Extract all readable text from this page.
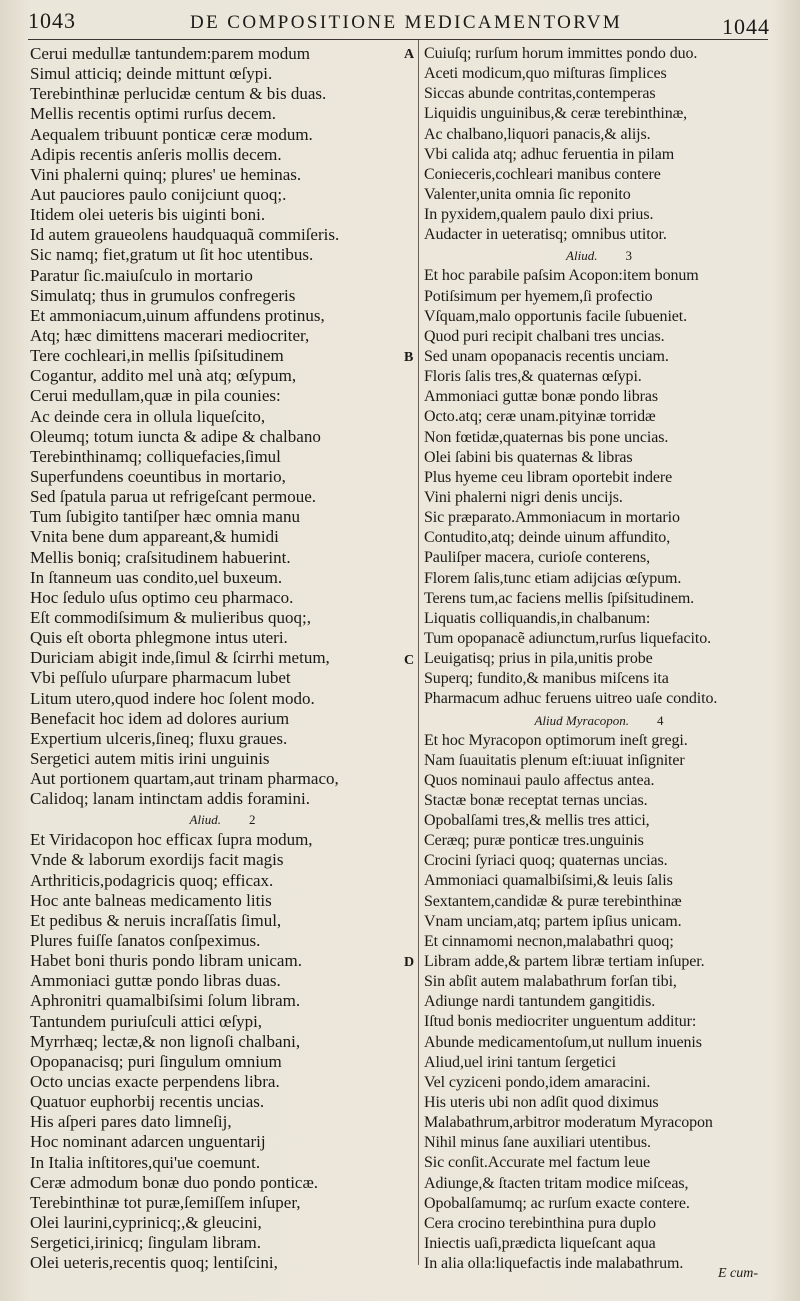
1043	DE COMPOSITIONE MEDICAMENTORVM	1044
Cerui medullæ tantundem:parem modum
Simul atticiq; deinde mittunt œſypi.
Terebinthinæ perlucidæ centum & bis duas.
Mellis recentis optimi rurſus decem.
Aequalem tribuunt ponticæ ceræ modum.
Adipis recentis anſeris mollis decem.
Vini phalerni quinq; plures' ue heminas.
Aut pauciores paulo conijciunt quoq;.
Itidem olei ueteris bis uiginti boni.
Id autem graueolens haudquaquã commiſeris.
Sic namq; fiet,gratum ut ſit hoc utentibus.
Paratur ſic.maiuſculo in mortario
Simulatq; thus in grumulos confregeris
Et ammoniacum,uinum affundens protinus,
Atq; hæc dimittens macerari mediocriter,
Tere cochleari,in mellis ſpiſsitudinem
Cogantur, addito mel unà atq; œſypum,
Cerui medullam,quæ in pila counies:
Ac deinde cera in ollula liqueſcito,
Oleumq; totum iuncta & adipe & chalbano
Terebinthinamq; colliquefacies,ſimul
Superfundens coeuntibus in mortario,
Sed ſpatula parua ut refrigeſcant permoue.
Tum ſubigito tantiſper hæc omnia manu
Vnita bene dum appareant,& humidi
Mellis boniq; craſsitudinem habuerint.
In ſtanneum uas condito,uel buxeum.
Hoc ſedulo uſus optimo ceu pharmaco.
Eſt commodiſsimum & mulieribus quoq;,
Quis eſt oborta phlegmone intus uteri.
Duriciam abigit inde,ſimul & ſcirrhi metum,
Vbi peſſulo uſurpare pharmacum lubet
Litum utero,quod indere hoc ſolent modo.
Benefacit hoc idem ad dolores aurium
Expertium ulceris,ſineq; fluxu graues.
Sergetici autem mitis irini unguinis
Aut portionem quartam,aut trinam pharmaco,
Calidoq; lanam intinctam addis foramini.
Aliud. 2
Et Viridacopon hoc efficax ſupra modum,
Vnde & laborum exordijs facit magis
Arthriticis,podagricis quoq; efficax.
Hoc ante balneas medicamento litis
Et pedibus & neruis incraſſatis ſimul,
Plures fuiſſe ſanatos conſpeximus.
Habet boni thuris pondo libram unicam.
Ammoniaci guttæ pondo libras duas.
Aphronitri quamalbiſsimi ſolum libram.
Tantundem puriuſculi attici œſypi,
Myrrhæq; lectæ,& non lignoſi chalbani,
Opopanacisq; puri ſingulum omnium
Octo uncias exacte perpendens libra.
Quatuor euphorbij recentis uncias.
His aſperi pares dato limneſij,
Hoc nominant adarcen unguentarij
In Italia inſtitores,qui'ue coemunt.
Ceræ admodum bonæ duo pondo ponticæ.
Terebinthinæ tot puræ,ſemiſſem inſuper,
Olei laurini,cyprinicq;,& gleucini,
Sergetici,irinicq; ſingulam libram.
Olei ueteris,recentis quoq; lentiſcini,
Cuiuſq; rurſum horum immittes pondo duo.
Aceti modicum,quo miſturas ſimplices
Siccas abunde contritas,contemperas
Liquidis unguinibus,& ceræ terebinthinæ,
Ac chalbano,liquori panacis,& alijs.
Vbi calida atq; adhuc feruentia in pilam
Conieceris,cochleari manibus contere
Valenter,unita omnia ſic reponito
In pyxidem,qualem paulo dixi prius.
Audacter in ueteratisq; omnibus utitor.
Aliud. 3
Et hoc parabile paſsim Acopon:item bonum
Potiſsimum per hyemem,ſi profectio
Vſquam,malo opportunis facile ſubueniet.
Quod puri recipit chalbani tres uncias.
Sed unam opopanacis recentis unciam.
Floris ſalis tres,& quaternas œſypi.
Ammoniaci guttæ bonæ pondo libras
Octo.atq; ceræ unam.pityinæ torridæ
Non fœtidæ,quaternas bis pone uncias.
Olei ſabini bis quaternas & libras
Plus hyeme ceu libram oportebit indere
Vini phalerni nigri denis uncijs.
Sic præparato.Ammoniacum in mortario
Contudito,atq; deinde uinum affundito,
Pauliſper macera, curioſe conterens,
Florem ſalis,tunc etiam adijcias œſypum.
Terens tum,ac faciens mellis ſpiſsitudinem.
Liquatis colliquandis,in chalbanum:
Tum opopanacẽ adiunctum,rurſus liquefacito.
Leuigatisq; prius in pila,unitis probe
Superq; fundito,& manibus miſcens ita
Pharmacum adhuc feruens uitreo uaſe condito.
Aliud Myracopon. 4
Et hoc Myracopon optimorum ineſt gregi.
Nam ſuauitatis plenum eſt:iuuat inſigniter
Quos nominaui paulo affectus antea.
Stactæ bonæ receptat ternas uncias.
Opobalſami tres,& mellis tres attici,
Ceræq; puræ ponticæ tres.unguinis
Crocini ſyriaci quoq; quaternas uncias.
Ammoniaci quamalbiſsimi,& leuis ſalis
Sextantem,candidæ & puræ terebinthinæ
Vnam unciam,atq; partem ipſius unicam.
Et cinnamomi necnon,malabathri quoq;
Libram adde,& partem libræ tertiam inſuper.
Sin abſit autem malabathrum forſan tibi,
Adiunge nardi tantundem gangitidis.
Iſtud bonis mediocriter unguentum additur:
Abunde medicamentoſum,ut nullum inuenis
Aliud,uel irini tantum ſergetici
Vel cyziceni pondo,idem amaracini.
His uteris ubi non adſit quod diximus
Malabathrum,arbitror moderatum Myracopon
Nihil minus ſane auxiliari utentibus.
Sic conſit.Accurate mel factum leue
Adiunge,& ſtacten tritam modice miſceas,
Opobalſamumq; ac rurſum exacte contere.
Cera crocino terebinthina pura duplo
Iniectis uaſi,prædicta liqueſcant aqua
In alia olla:liquefactis inde malabathrum.
A
B
C
D
E cum-
